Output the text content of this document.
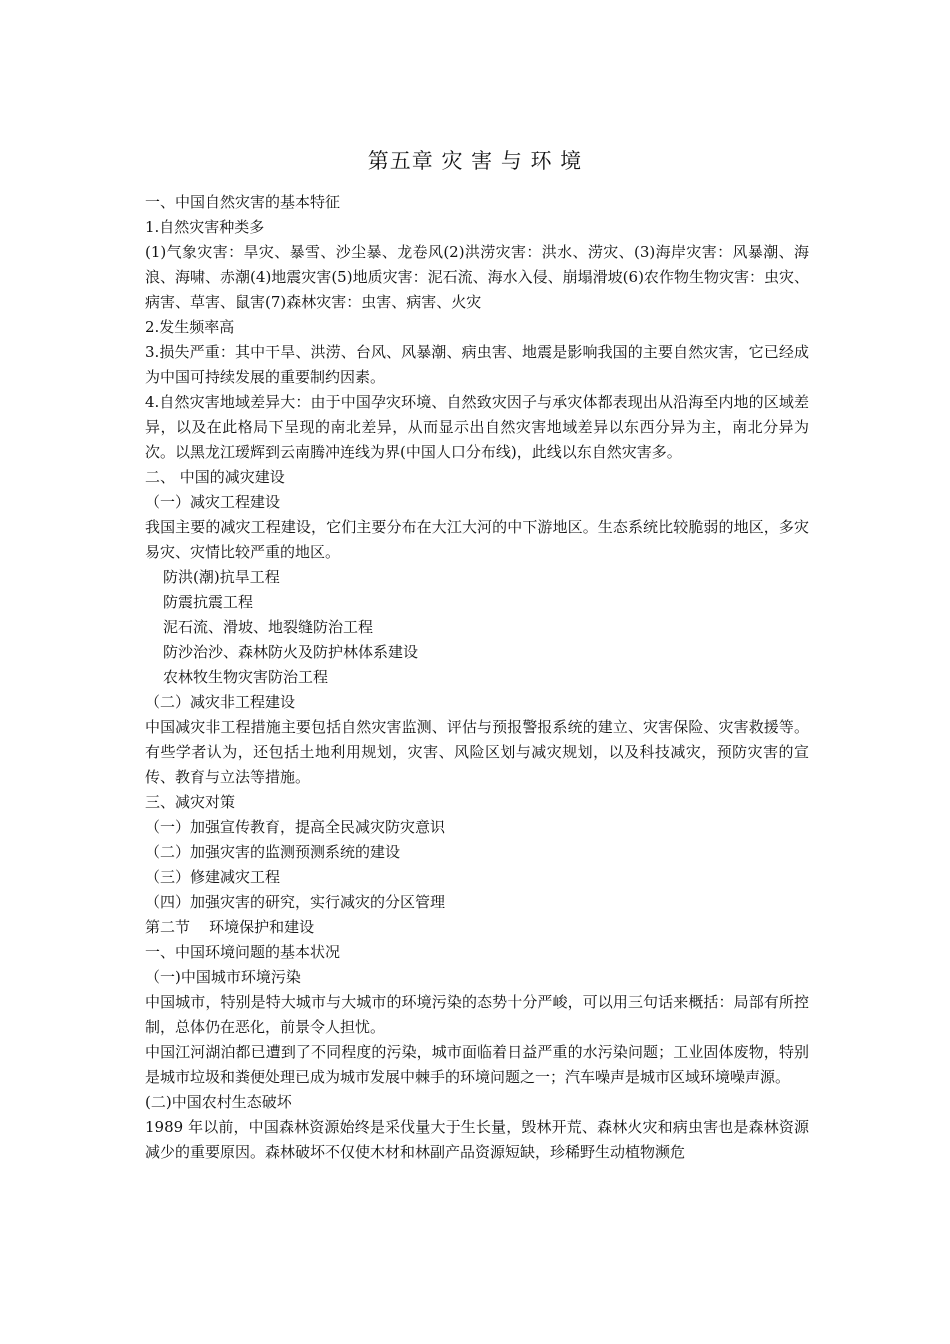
第五章 灾 害 与 环 境

一、中国自然灾害的基本特征

1.自然灾害种类多

(1)气象灾害：旱灾、暴雪、沙尘暴、龙卷风(2)洪涝灾害：洪水、涝灾、(3)海岸灾害：风暴潮、海浪、海啸、赤潮(4)地震灾害(5)地质灾害：泥石流、海水入侵、崩塌滑坡(6)农作物生物灾害：虫灾、病害、草害、鼠害(7)森林灾害：虫害、病害、火灾

2.发生频率高

3.损失严重：其中干旱、洪涝、台风、风暴潮、病虫害、地震是影响我国的主要自然灾害，它已经成为中国可持续发展的重要制约因素。

4.自然灾害地域差异大：由于中国孕灾环境、自然致灾因子与承灾体都表现出从沿海至内地的区域差异，以及在此格局下呈现的南北差异，从而显示出自然灾害地域差异以东西分异为主，南北分异为次。以黑龙江瑷辉到云南腾冲连线为界(中国人口分布线)，此线以东自然灾害多。

二、 中国的减灾建设

（一）减灾工程建设

我国主要的减灾工程建设，它们主要分布在大江大河的中下游地区。生态系统比较脆弱的地区，多灾易灾、灾情比较严重的地区。

防洪(潮)抗旱工程

防震抗震工程

泥石流、滑坡、地裂缝防治工程

防沙治沙、森林防火及防护林体系建设

农林牧生物灾害防治工程

（二）减灾非工程建设

中国减灾非工程措施主要包括自然灾害监测、评估与预报警报系统的建立、灾害保险、灾害救援等。有些学者认为，还包括土地利用规划，灾害、风险区划与减灾规划，以及科技减灾，预防灾害的宣传、教育与立法等措施。

三、减灾对策

（一）加强宣传教育，提高全民减灾防灾意识

（二）加强灾害的监测预测系统的建设

（三）修建减灾工程

（四）加强灾害的研究，实行减灾的分区管理

第二节    环境保护和建设

一、中国环境问题的基本状况

（一)中国城市环境污染

中国城市，特别是特大城市与大城市的环境污染的态势十分严峻，可以用三句话来概括：局部有所控制，总体仍在恶化，前景令人担忧。

中国江河湖泊都已遭到了不同程度的污染，城市面临着日益严重的水污染问题；工业固体废物，特别是城市垃圾和粪便处理已成为城市发展中棘手的环境问题之一；汽车噪声是城市区域环境噪声源。

(二)中国农村生态破坏

1989 年以前，中国森林资源始终是采伐量大于生长量，毁林开荒、森林火灾和病虫害也是森林资源减少的重要原因。森林破坏不仅使木材和林副产品资源短缺，珍稀野生动植物濒危
